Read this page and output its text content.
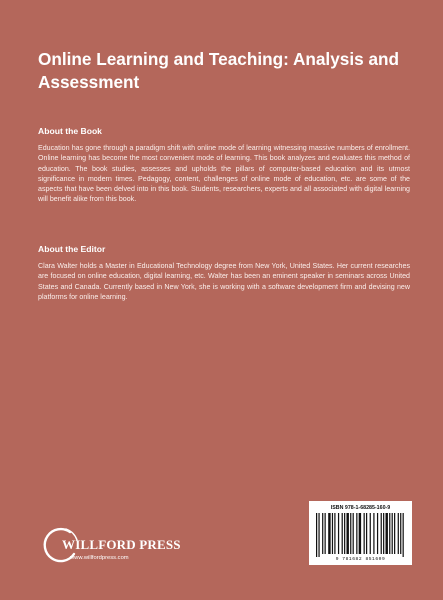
Online Learning and Teaching: Analysis and Assessment
About the Book

Education has gone through a paradigm shift with online mode of learning witnessing massive numbers of enrollment. Online learning has become the most convenient mode of learning. This book analyzes and evaluates this method of education. The book studies, assesses and upholds the pillars of computer-based education and its utmost significance in modern times. Pedagogy, content, challenges of online mode of education, etc. are some of the aspects that have been delved into in this book. Students, researchers, experts and all associated with digital learning will benefit alike from this book.

About the Editor

Clara Walter holds a Master in Educational Technology degree from New York, United States. Her current researches are focused on online education, digital learning, etc. Walter has been an eminent speaker in seminars across United States and Canada. Currently based in New York, she is working with a software development firm and devising new platforms for online learning.

WILLFORD PRESS
www.willfordpress.com
ISBN 978-1-68285-160-9
9 781682 851609
